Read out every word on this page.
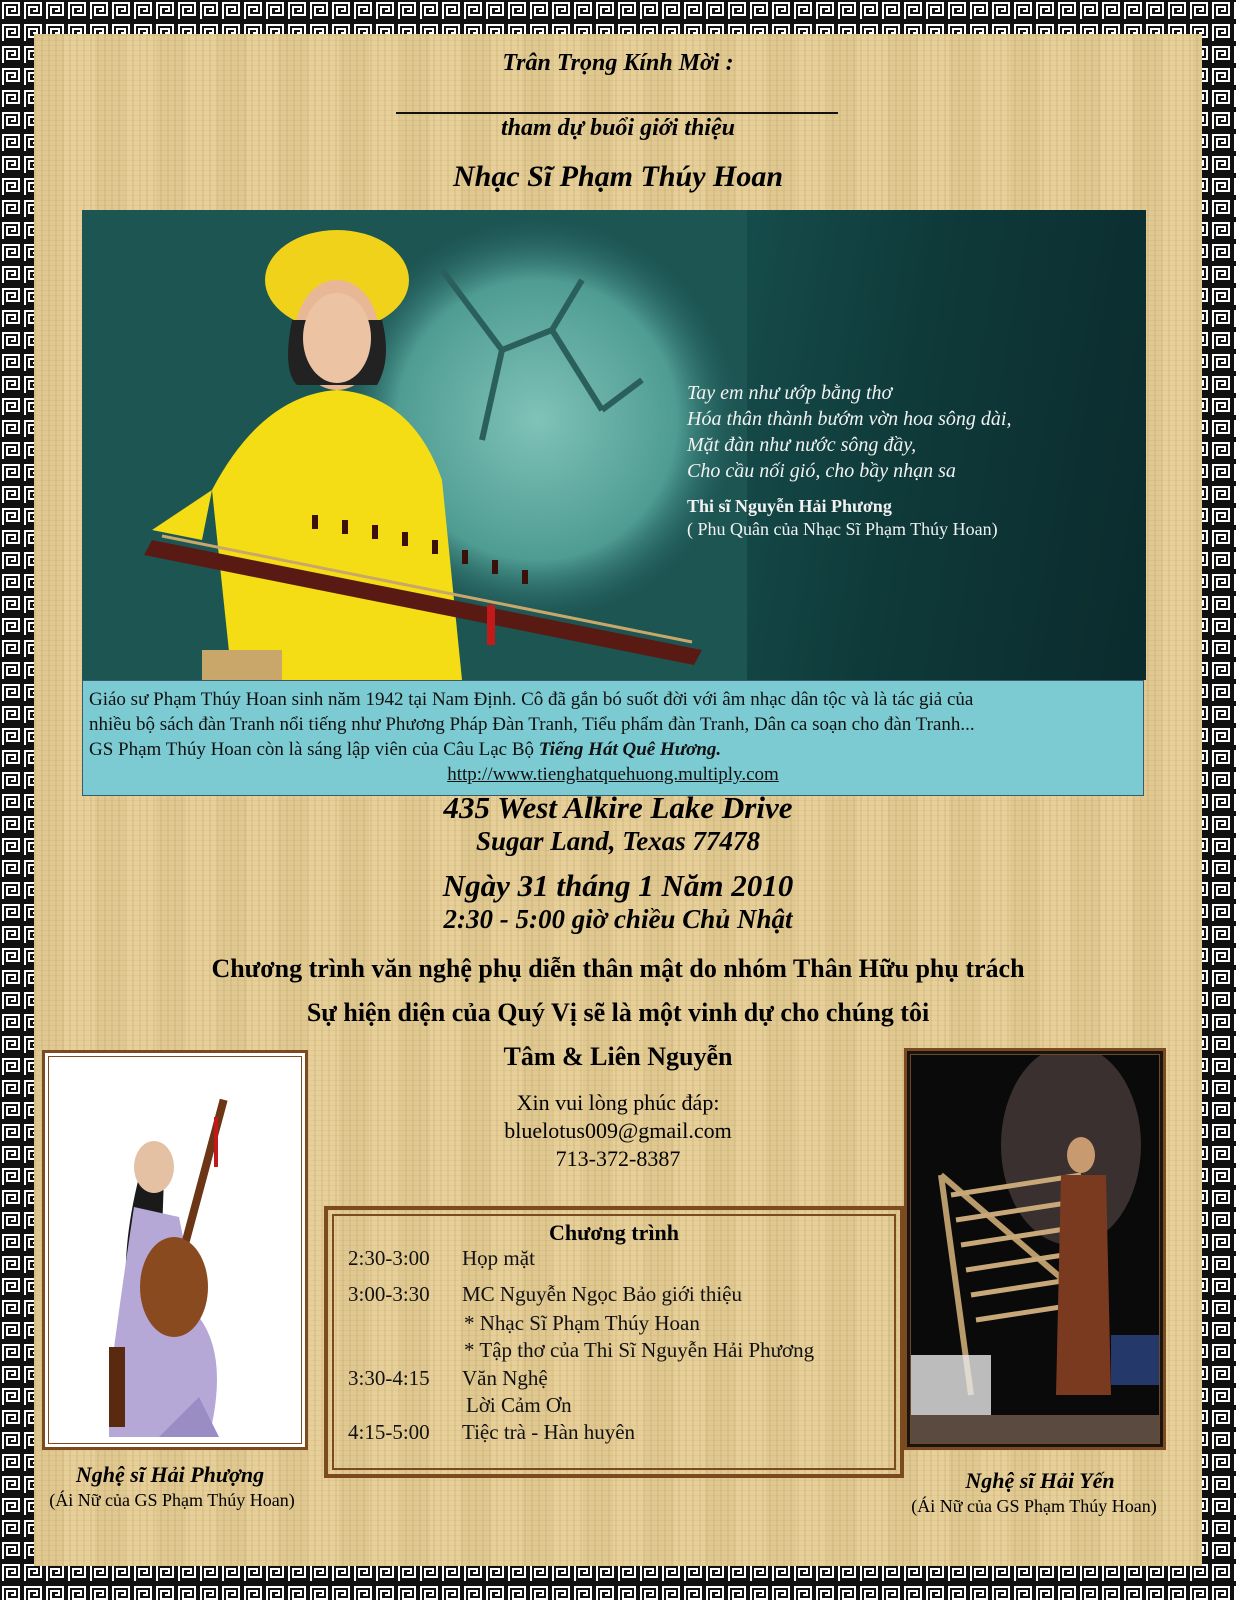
Trân Trọng Kính Mời :
tham dự buổi giới thiệu
Nhạc Sĩ Phạm Thúy Hoan
Tay em như ướp bằng thơ
Hóa thân thành bướm vờn hoa sông dài,
Mặt đàn như nước sông đầy,
Cho cầu nối gió, cho bầy nhạn sa
Thi sĩ Nguyễn Hải Phương
( Phu Quân của Nhạc Sĩ Phạm Thúy Hoan)
Giáo sư Phạm Thúy Hoan sinh năm 1942 tại Nam Định. Cô đã gắn bó suốt đời với âm nhạc dân tộc và là tác giả của
nhiều bộ sách đàn Tranh nổi tiếng như Phương Pháp Đàn Tranh, Tiểu phẩm đàn Tranh, Dân ca soạn cho đàn Tranh...
GS Phạm Thúy Hoan còn là sáng lập viên của Câu Lạc Bộ Tiếng Hát Quê Hương.
http://www.tienghatquehuong.multiply.com
435 West Alkire Lake Drive
Sugar Land, Texas 77478
Ngày 31 tháng 1 Năm 2010
2:30 - 5:00 giờ chiều Chủ Nhật
Chương trình văn nghệ phụ diễn thân mật do nhóm Thân Hữu phụ trách
Sự hiện diện của Quý Vị sẽ là một vinh dự cho chúng tôi
Tâm & Liên Nguyễn
Xin vui lòng phúc đáp:
bluelotus009@gmail.com
713-372-8387
Nghệ sĩ Hải Phượng
(Ái Nữ của GS Phạm Thúy Hoan)
Nghệ sĩ Hải Yến
(Ái Nữ của GS Phạm Thúy Hoan)
Chương trình
2:30-3:00 Họp mặt
3:00-3:30 MC Nguyễn Ngọc Bảo giới thiệu
* Nhạc Sĩ Phạm Thúy Hoan
* Tập thơ của Thi Sĩ Nguyễn Hải Phương
3:30-4:15 Văn Nghệ
Lời Cảm Ơn
4:15-5:00 Tiệc trà - Hàn huyên
